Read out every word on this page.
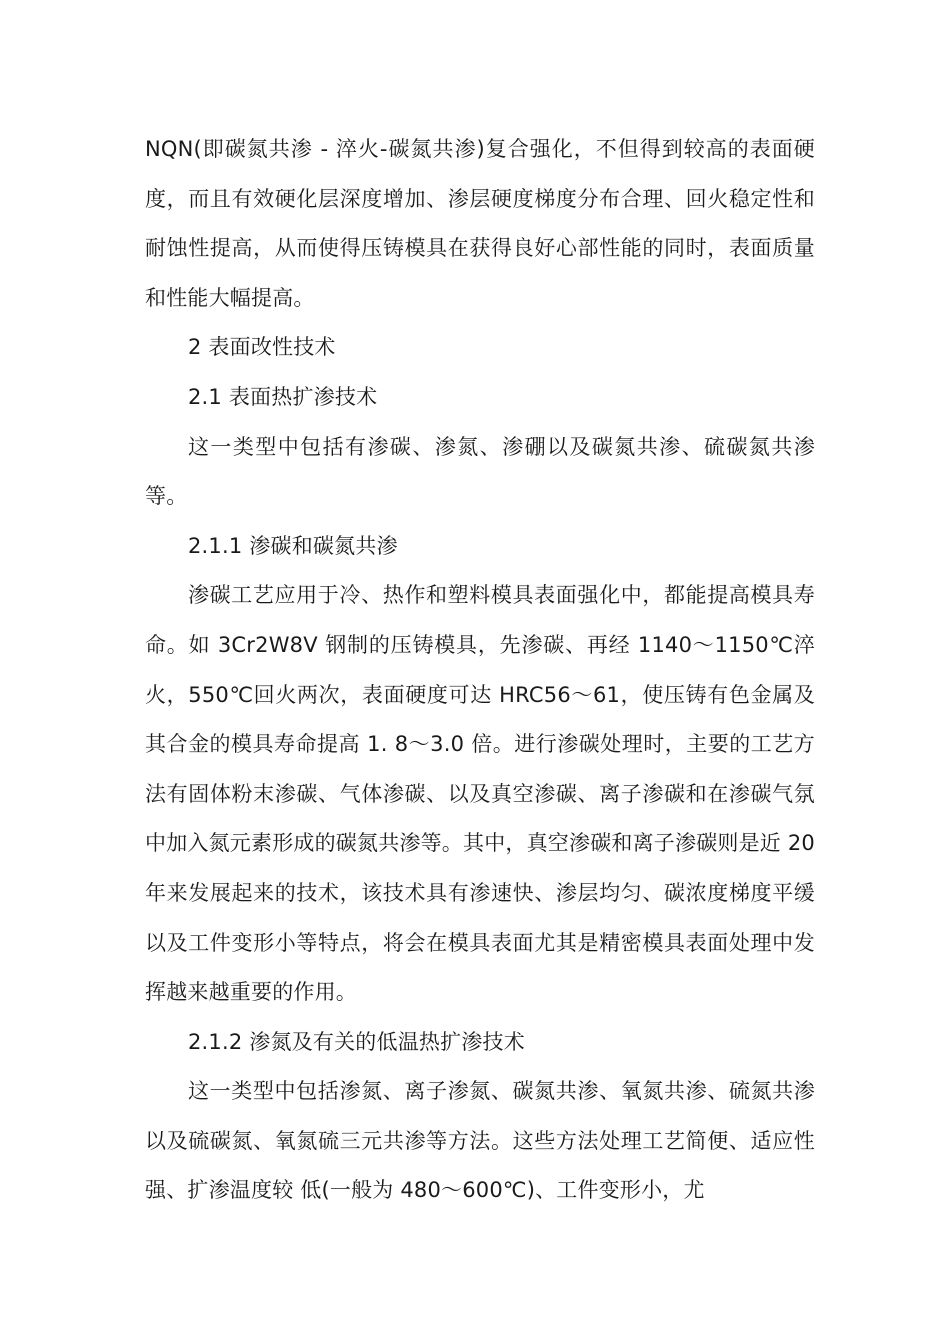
NQN(即碳氮共渗 - 淬火-碳氮共渗)复合强化，不但得到较高的表面硬度，而且有效硬化层深度增加、渗层硬度梯度分布合理、回火稳定性和耐蚀性提高，从而使得压铸模具在获得良好心部性能的同时，表面质量和性能大幅提高。

2 表面改性技术

2.1 表面热扩渗技术

这一类型中包括有渗碳、渗氮、渗硼以及碳氮共渗、硫碳氮共渗等。

2.1.1 渗碳和碳氮共渗

渗碳工艺应用于冷、热作和塑料模具表面强化中，都能提高模具寿命。如 3Cr2W8V 钢制的压铸模具，先渗碳、再经 1140～1150℃淬火，550℃回火两次，表面硬度可达 HRC56～61，使压铸有色金属及其合金的模具寿命提高 1. 8～3.0 倍。进行渗碳处理时，主要的工艺方法有固体粉末渗碳、气体渗碳、以及真空渗碳、离子渗碳和在渗碳气氛中加入氮元素形成的碳氮共渗等。其中，真空渗碳和离子渗碳则是近 20 年来发展起来的技术，该技术具有渗速快、渗层均匀、碳浓度梯度平缓以及工件变形小等特点，将会在模具表面尤其是精密模具表面处理中发挥越来越重要的作用。

2.1.2 渗氮及有关的低温热扩渗技术

这一类型中包括渗氮、离子渗氮、碳氮共渗、氧氮共渗、硫氮共渗以及硫碳氮、氧氮硫三元共渗等方法。这些方法处理工艺简便、适应性强、扩渗温度较 低(一般为 480～600℃)、工件变形小，尤
